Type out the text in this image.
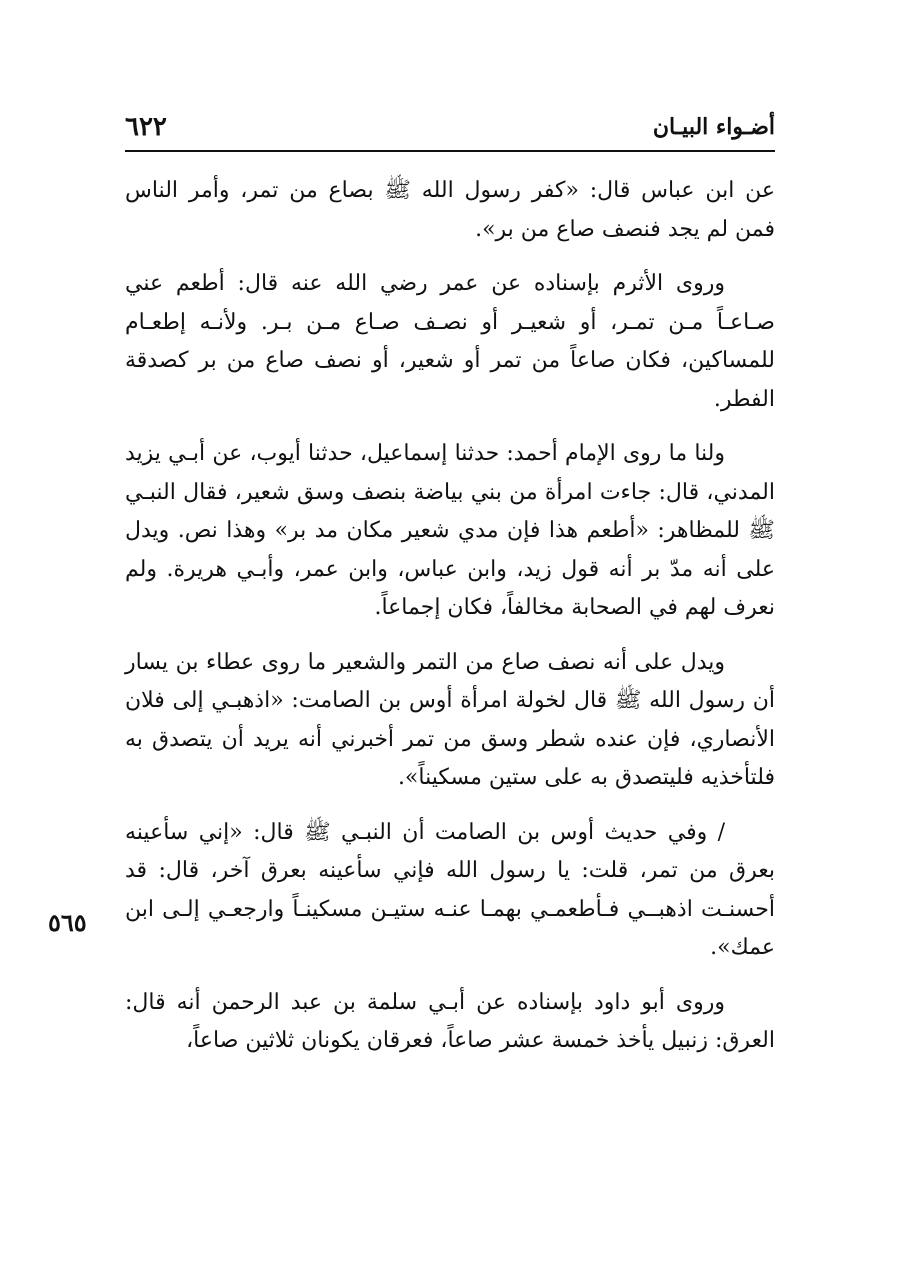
٦٢٢	أضـواء البيـان
٥٦٥

عن ابن عباس قال: «كفر رسول الله ﷺ بصاع من تمر، وأمر الناس فمن لم يجد فنصف صاع من بر».

وروى الأثرم بإسناده عن عمر رضي الله عنه قال: أطعم عني صـاعـاً مـن تمـر، أو شعيـر أو نصـف صـاع مـن بـر. ولأنـه إطعـام للمساكين، فكان صاعاً من تمر أو شعير، أو نصف صاع من بر كصدقة الفطر.

ولنا ما روى الإمام أحمد: حدثنا إسماعيل، حدثنا أيوب، عن أبـي يزيد المدني، قال: جاءت امرأة من بني بياضة بنصف وسق شعير، فقال النبـي ﷺ للمظاهر: «أطعم هذا فإن مدي شعير مكان مد بر» وهذا نص. ويدل على أنه مدّ بر أنه قول زيد، وابن عباس، وابن عمر، وأبـي هريرة. ولم نعرف لهم في الصحابة مخالفاً، فكان إجماعاً.

ويدل على أنه نصف صاع من التمر والشعير ما روى عطاء بن يسار أن رسول الله ﷺ قال لخولة امرأة أوس بن الصامت: «اذهبـي إلى فلان الأنصاري، فإن عنده شطر وسق من تمر أخبرني أنه يريد أن يتصدق به فلتأخذيه فليتصدق به على ستين مسكيناً».

/ وفي حديث أوس بن الصامت أن النبـي ﷺ قال: «إني سأعينه بعرق من تمر، قلت: يا رسول الله فإني سأعينه بعرق آخر، قال: قد أحسنـت اذهبــي فـأطعمـي بهمـا عنـه ستيـن مسكينـاً وارجعـي إلـى ابن عمك».

وروى أبو داود بإسناده عن أبـي سلمة بن عبد الرحمن أنه قال: العرق: زنبيل يأخذ خمسة عشر صاعاً، فعرقان يكونان ثلاثين صاعاً،
